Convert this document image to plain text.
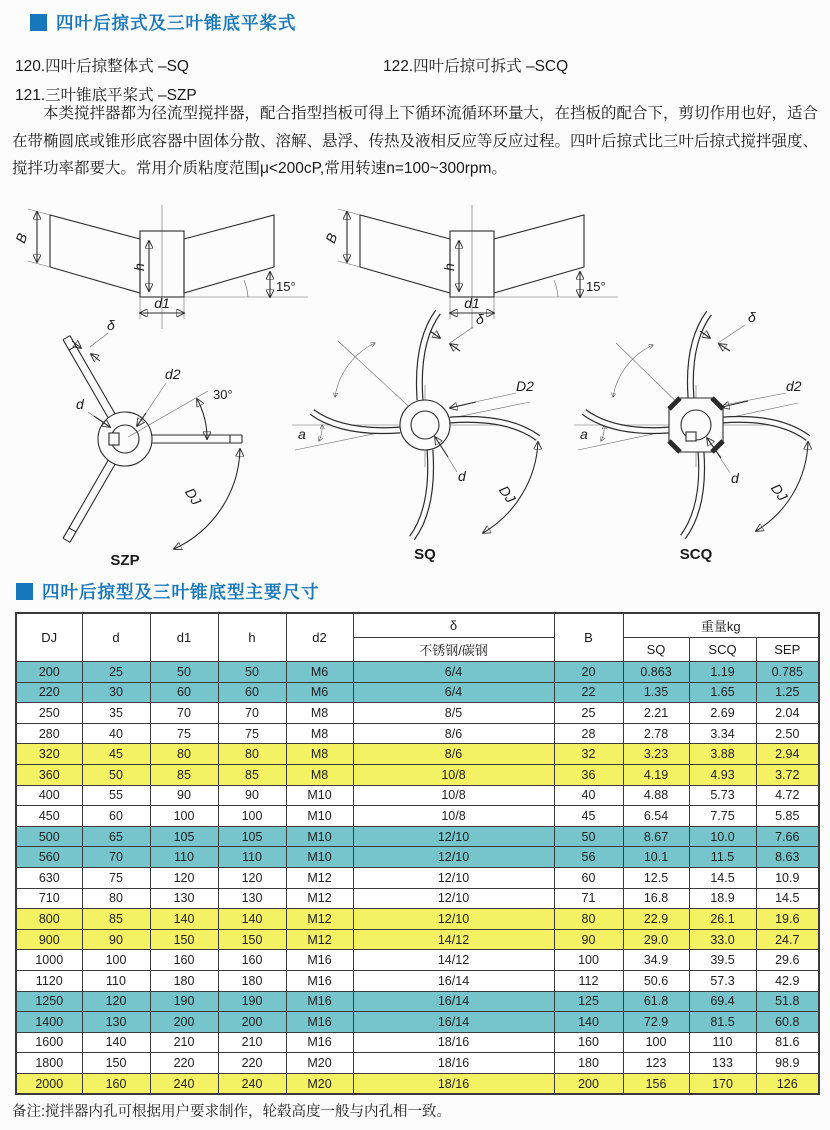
四叶后掠式及三叶锥底平桨式
120.四叶后掠整体式 –SQ	122.四叶后掠可拆式 –SCQ
121.三叶锥底平桨式 –SZP

本类搅拌器都为径流型搅拌器，配合指型挡板可得上下循环流循环环量大，在挡板的配合下，剪切作用也好，适合在带椭圆底或锥形底容器中固体分散、溶解、悬浮、传热及液相反应等反应过程。四叶后掠式比三叶后掠式搅拌强度、搅拌功率都要大。常用介质粘度范围μ<200cP,常用转速n=100~300rpm。

B
h
d1
15°
B
h
d1
15°
δ
d2
30°
d
DJ
SZP
δ
a
D2
d
DJ
SQ
δ
a
d2
d
DJ
SCQ
四叶后掠型及三叶锥底型主要尺寸
DJ	d	d1	h	d2	δ	B	重量kg		
					不锈钢/碳钢		SQ	SCQ	SEP
200	25	50	50	M6	6/4	20	0.863	1.19	0.785
220	30	60	60	M6	6/4	22	1.35	1.65	1.25
250	35	70	70	M8	8/5	25	2.21	2.69	2.04
280	40	75	75	M8	8/6	28	2.78	3.34	2.50
320	45	80	80	M8	8/6	32	3.23	3.88	2.94
360	50	85	85	M8	10/8	36	4.19	4.93	3.72
400	55	90	90	M10	10/8	40	4.88	5.73	4.72
450	60	100	100	M10	10/8	45	6.54	7.75	5.85
500	65	105	105	M10	12/10	50	8.67	10.0	7.66
560	70	110	110	M10	12/10	56	10.1	11.5	8.63
630	75	120	120	M12	12/10	60	12.5	14.5	10.9
710	80	130	130	M12	12/10	71	16.8	18.9	14.5
800	85	140	140	M12	12/10	80	22.9	26.1	19.6
900	90	150	150	M12	14/12	90	29.0	33.0	24.7
1000	100	160	160	M16	14/12	100	34.9	39.5	29.6
1120	110	180	180	M16	16/14	112	50.6	57.3	42.9
1250	120	190	190	M16	16/14	125	61.8	69.4	51.8
1400	130	200	200	M16	16/14	140	72.9	81.5	60.8
1600	140	210	210	M16	18/16	160	100	110	81.6
1800	150	220	220	M20	18/16	180	123	133	98.9
2000	160	240	240	M20	18/16	200	156	170	126

备注:搅拌器内孔可根据用户要求制作，轮毂高度一般与内孔相一致。
